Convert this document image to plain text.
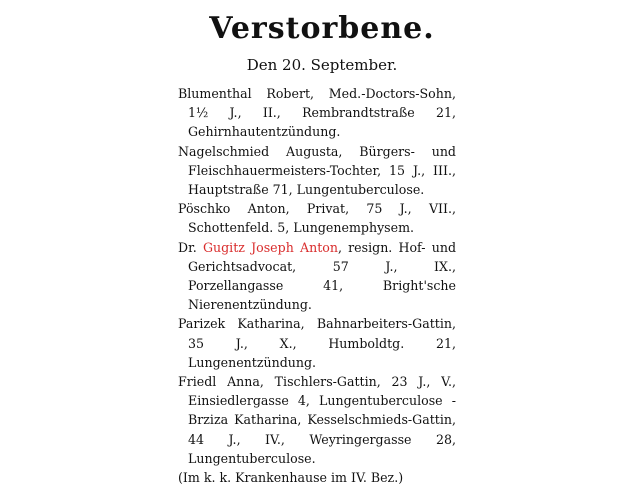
Verstorbene.
Den 20. September.
Blumenthal Robert, Med.-Doctors-Sohn, 1½ J., II., Rembrandtstraße 21, Gehirnhautentzündung.
Nagelschmied Augusta, Bürgers- und Fleischhauermeisters-Tochter, 15 J., III., Hauptstraße 71, Lungentuberculose.
Pöschko Anton, Privat, 75 J., VII., Schottenfeld. 5, Lungenemphysem.
Dr. Gugitz Joseph Anton, resign. Hof- und Gerichtsadvocat, 57 J., IX., Porzellangasse 41, Bright'sche Nierenentzündung.
Parizek Katharina, Bahnarbeiters-Gattin, 35 J., X., Humboldtg. 21, Lungenentzündung.
Friedl Anna, Tischlers-Gattin, 23 J., V., Einsiedlergasse 4, Lungentuberculose - Brziza Katharina, Kesselschmieds-Gattin, 44 J., IV., Weyringergasse 28, Lungentuberculose.
(Im k. k. Krankenhause im IV. Bez.)
